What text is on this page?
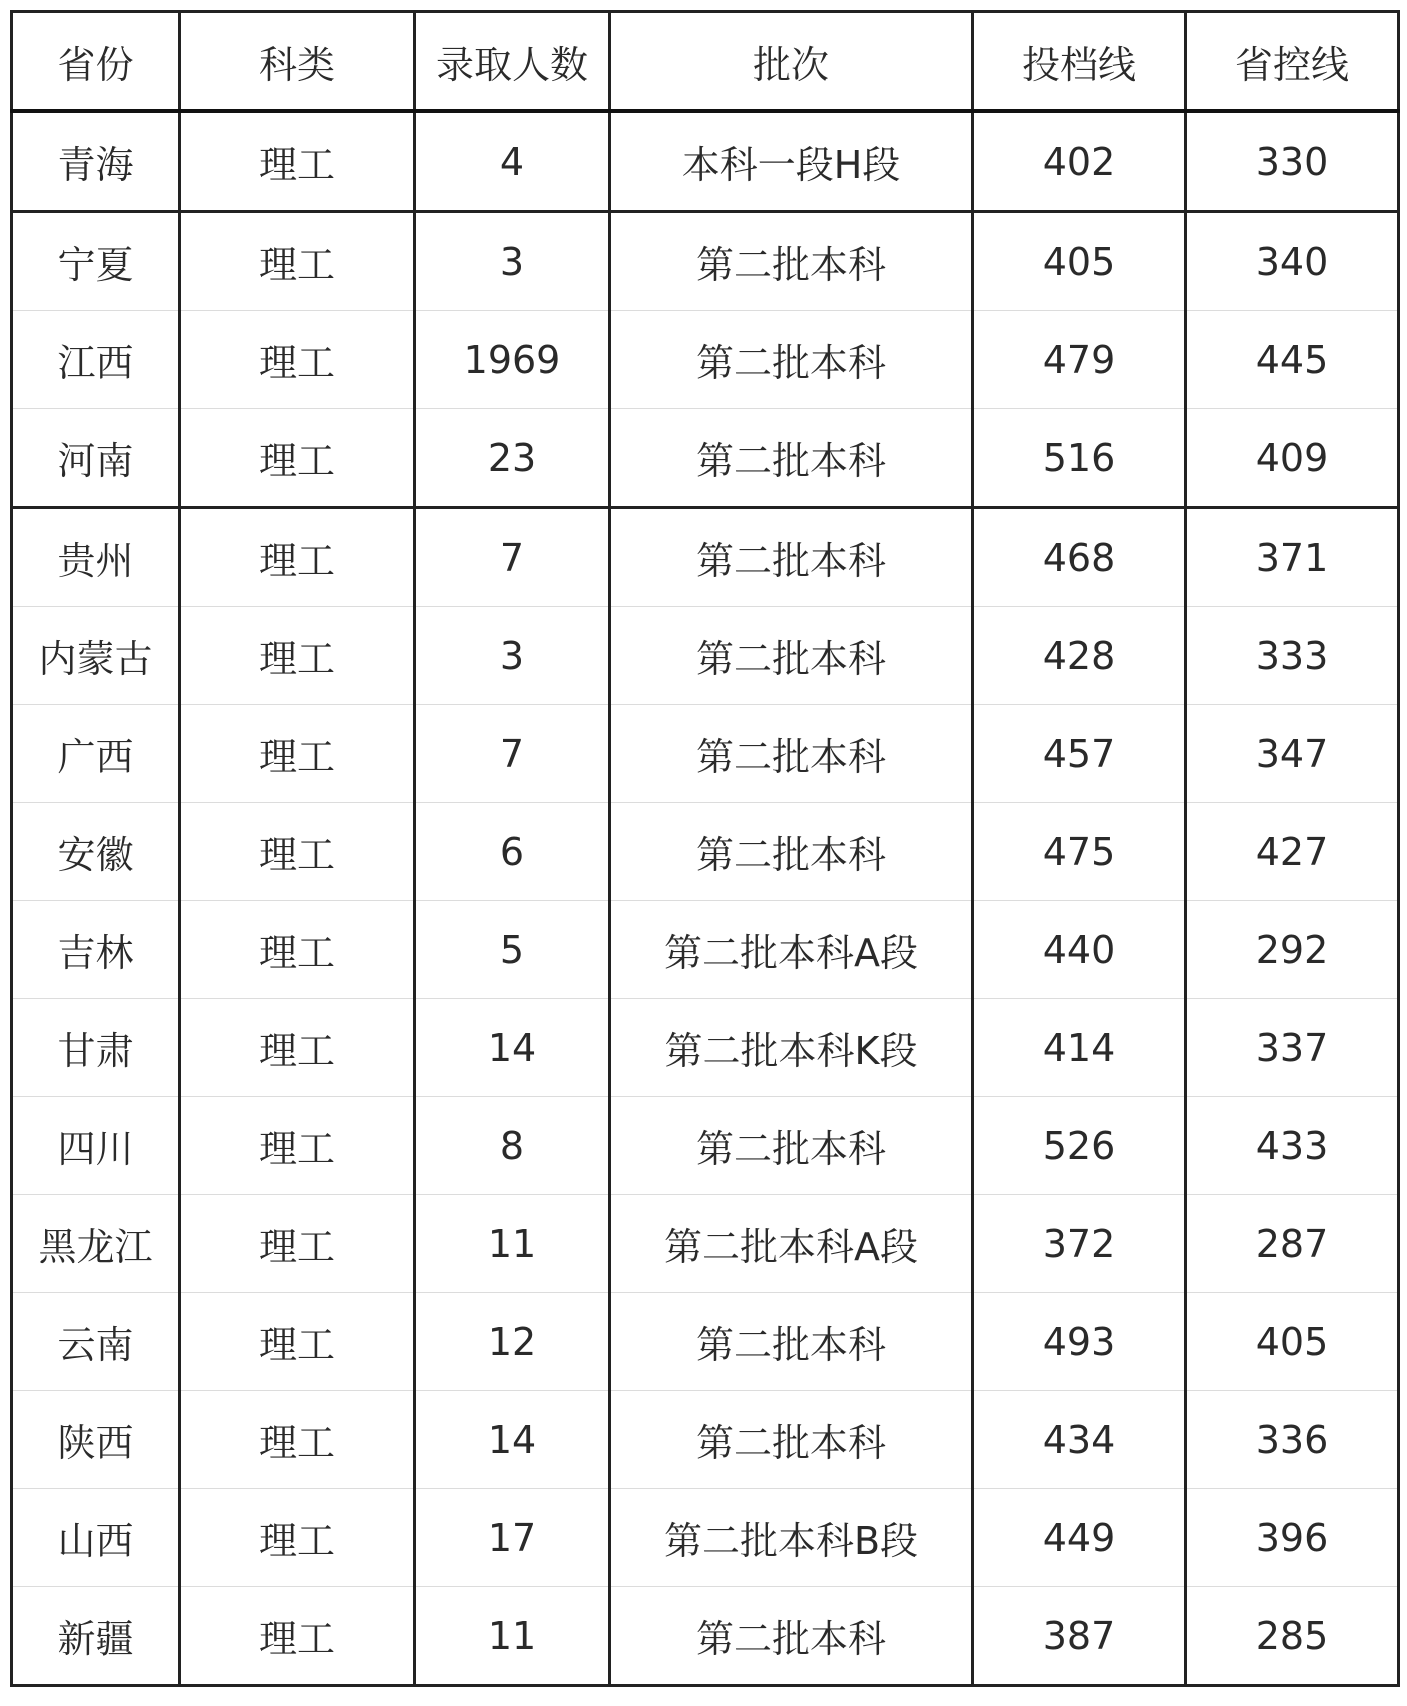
省份	科类	录取人数	批次	投档线	省控线
青海	理工	4	本科一段H段	402	330
宁夏	理工	3	第二批本科	405	340
江西	理工	1969	第二批本科	479	445
河南	理工	23	第二批本科	516	409
贵州	理工	7	第二批本科	468	371
内蒙古	理工	3	第二批本科	428	333
广西	理工	7	第二批本科	457	347
安徽	理工	6	第二批本科	475	427
吉林	理工	5	第二批本科A段	440	292
甘肃	理工	14	第二批本科K段	414	337
四川	理工	8	第二批本科	526	433
黑龙江	理工	11	第二批本科A段	372	287
云南	理工	12	第二批本科	493	405
陕西	理工	14	第二批本科	434	336
山西	理工	17	第二批本科B段	449	396
新疆	理工	11	第二批本科	387	285
